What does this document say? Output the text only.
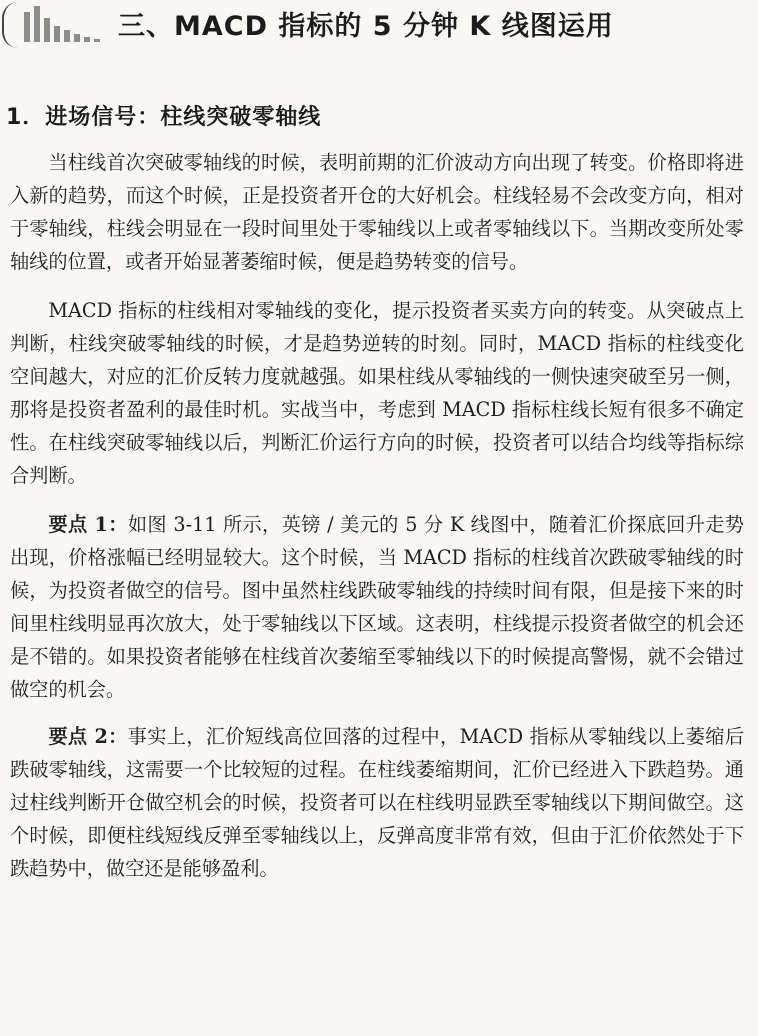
三、MACD 指标的 5 分钟 K 线图运用
1．进场信号：柱线突破零轴线

当柱线首次突破零轴线的时候，表明前期的汇价波动方向出现了转变。价格即将进入新的趋势，而这个时候，正是投资者开仓的大好机会。柱线轻易不会改变方向，相对于零轴线，柱线会明显在一段时间里处于零轴线以上或者零轴线以下。当期改变所处零轴线的位置，或者开始显著萎缩时候，便是趋势转变的信号。

MACD 指标的柱线相对零轴线的变化，提示投资者买卖方向的转变。从突破点上判断，柱线突破零轴线的时候，才是趋势逆转的时刻。同时，MACD 指标的柱线变化空间越大，对应的汇价反转力度就越强。如果柱线从零轴线的一侧快速突破至另一侧，那将是投资者盈利的最佳时机。实战当中，考虑到 MACD 指标柱线长短有很多不确定性。在柱线突破零轴线以后，判断汇价运行方向的时候，投资者可以结合均线等指标综合判断。

要点 1：如图 3-11 所示，英镑 / 美元的 5 分 K 线图中，随着汇价探底回升走势出现，价格涨幅已经明显较大。这个时候，当 MACD 指标的柱线首次跌破零轴线的时候，为投资者做空的信号。图中虽然柱线跌破零轴线的持续时间有限，但是接下来的时间里柱线明显再次放大，处于零轴线以下区域。这表明，柱线提示投资者做空的机会还是不错的。如果投资者能够在柱线首次萎缩至零轴线以下的时候提高警惕，就不会错过做空的机会。

要点 2：事实上，汇价短线高位回落的过程中，MACD 指标从零轴线以上萎缩后跌破零轴线，这需要一个比较短的过程。在柱线萎缩期间，汇价已经进入下跌趋势。通过柱线判断开仓做空机会的时候，投资者可以在柱线明显跌至零轴线以下期间做空。这个时候，即便柱线短线反弹至零轴线以上，反弹高度非常有效，但由于汇价依然处于下跌趋势中，做空还是能够盈利。
